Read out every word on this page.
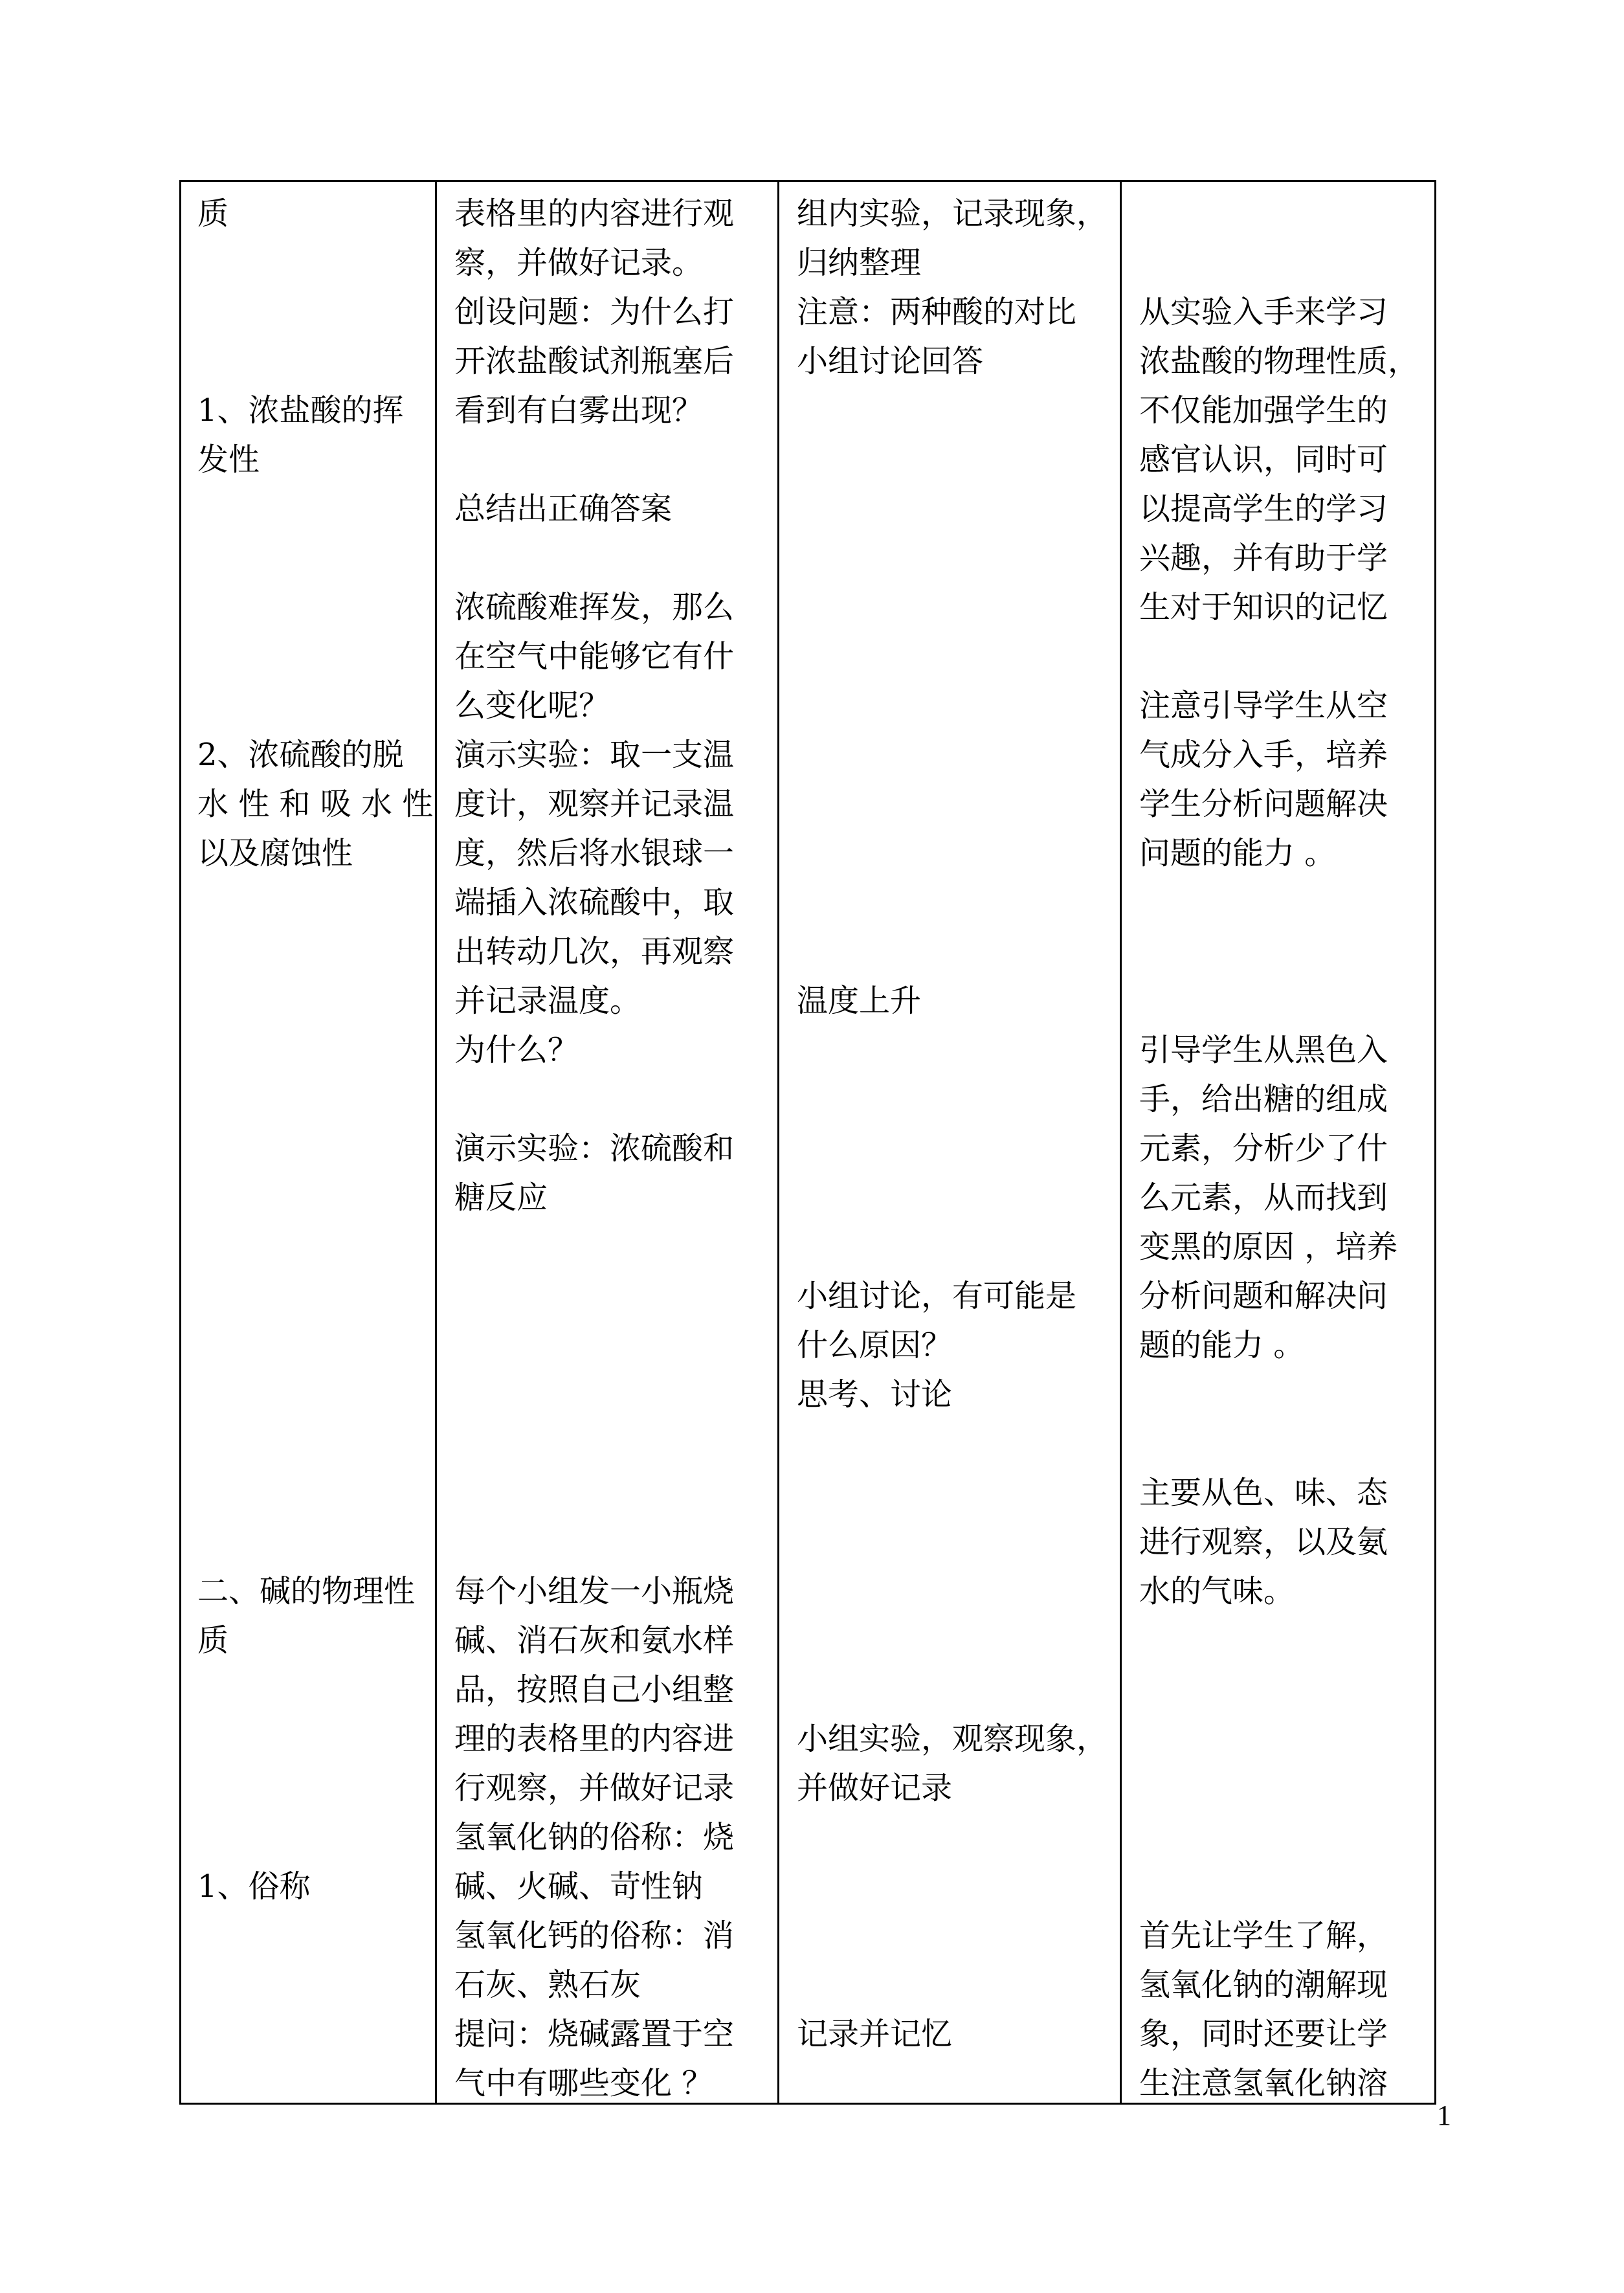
质
1、浓盐酸的挥
发性
2、浓硫酸的脱
水 性 和 吸 水 性
以及腐蚀性
二、碱的物理性
质
1、俗称
表格里的内容进行观
察，并做好记录。
创设问题：为什么打
开浓盐酸试剂瓶塞后
看到有白雾出现？
总结出正确答案
浓硫酸难挥发，那么
在空气中能够它有什
么变化呢？
演示实验：取一支温
度计，观察并记录温
度，然后将水银球一
端插入浓硫酸中，取
出转动几次，再观察
并记录温度。
为什么？
演示实验：浓硫酸和
糖反应
每个小组发一小瓶烧
碱、消石灰和氨水样
品，按照自己小组整
理的表格里的内容进
行观察，并做好记录
氢氧化钠的俗称：烧
碱、火碱、苛性钠
氢氧化钙的俗称：消
石灰、熟石灰
提问：烧碱露置于空
气中有哪些变化 ？
组内实验，记录现象，
归纳整理
注意：两种酸的对比
小组讨论回答
温度上升
小组讨论，有可能是
什么原因？
思考、讨论
小组实验，观察现象，
并做好记录
记录并记忆
从实验入手来学习
浓盐酸的物理性质，
不仅能加强学生的
感官认识，同时可
以提高学生的学习
兴趣，并有助于学
生对于知识的记忆
注意引导学生从空
气成分入手，培养
学生分析问题解决
问题的能力 。
引导学生从黑色入
手，给出糖的组成
元素，分析少了什
么元素，从而找到
变黑的原因 ，培养
分析问题和解决问
题的能力 。
主要从色、味、态
进行观察，以及氨
水的气味。
首先让学生了解，
氢氧化钠的潮解现
象，同时还要让学
生注意氢氧化钠溶
1
